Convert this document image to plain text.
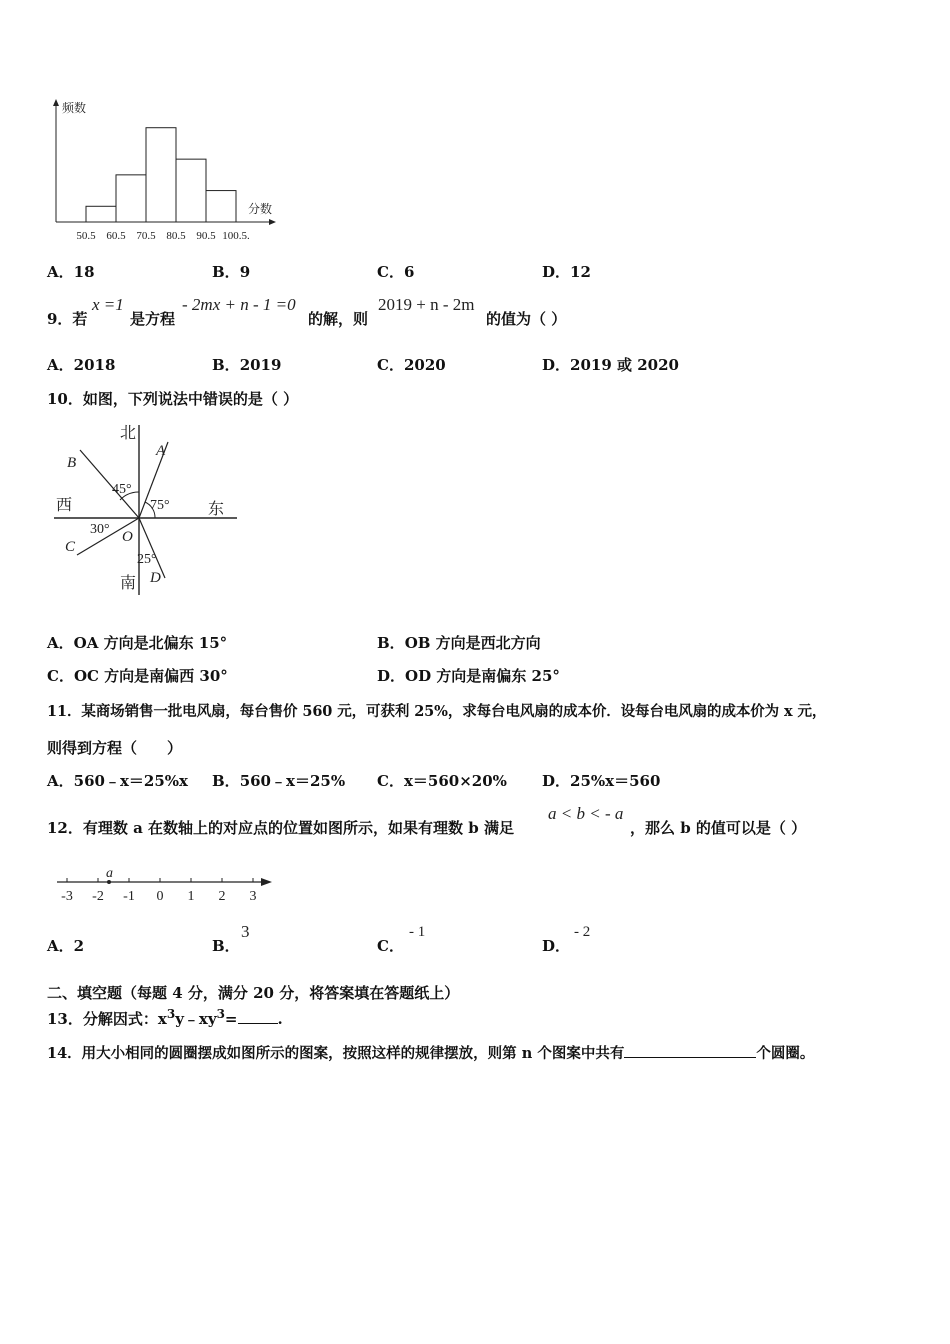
频数
分数
50.5 60.5 70.5 80.5 90.5 100.5.
A．18	B．9	C．6	D．12
9．若
x =1
是方程
- 2mx + n - 1 =0
的解，则
2019 + n - 2m
的值为（ ）
A．2018	B．2019	C．2020	D．2019 或 2020
10．如图，下列说法中错误的是（ ）
北
南
西	东
A
B
C
D
O
45°
75°
30°
25°
A．OA 方向是北偏东 15°	B．OB 方向是西北方向
C．OC 方向是南偏西 30°	D．OD 方向是南偏东 25°
11．某商场销售一批电风扇，每台售价 560 元，可获利 25%，求每台电风扇的成本价．设每台电风扇的成本价为 x 元，
则得到方程（　　）
A．560﹣x＝25%x B．560﹣x＝25% C．x＝560×20% D．25%x＝560
12．有理数 a 在数轴上的对应点的位置如图所示，如果有理数 b 满足
a < b < - a
，那么 b 的值可以是（ ）
a
-3 -2 -1 0 1 2 3
A．2	B．
3
C．
- 1
D．
- 2
二、填空题（每题 4 分，满分 20 分，将答案填在答题纸上）
13．分解因式：$x^3y﹣xy^3=$	.
14．用大小相同的圆圈摆成如图所示的图案，按照这样的规律摆放，则第 n 个图案中共有	个圆圈。
